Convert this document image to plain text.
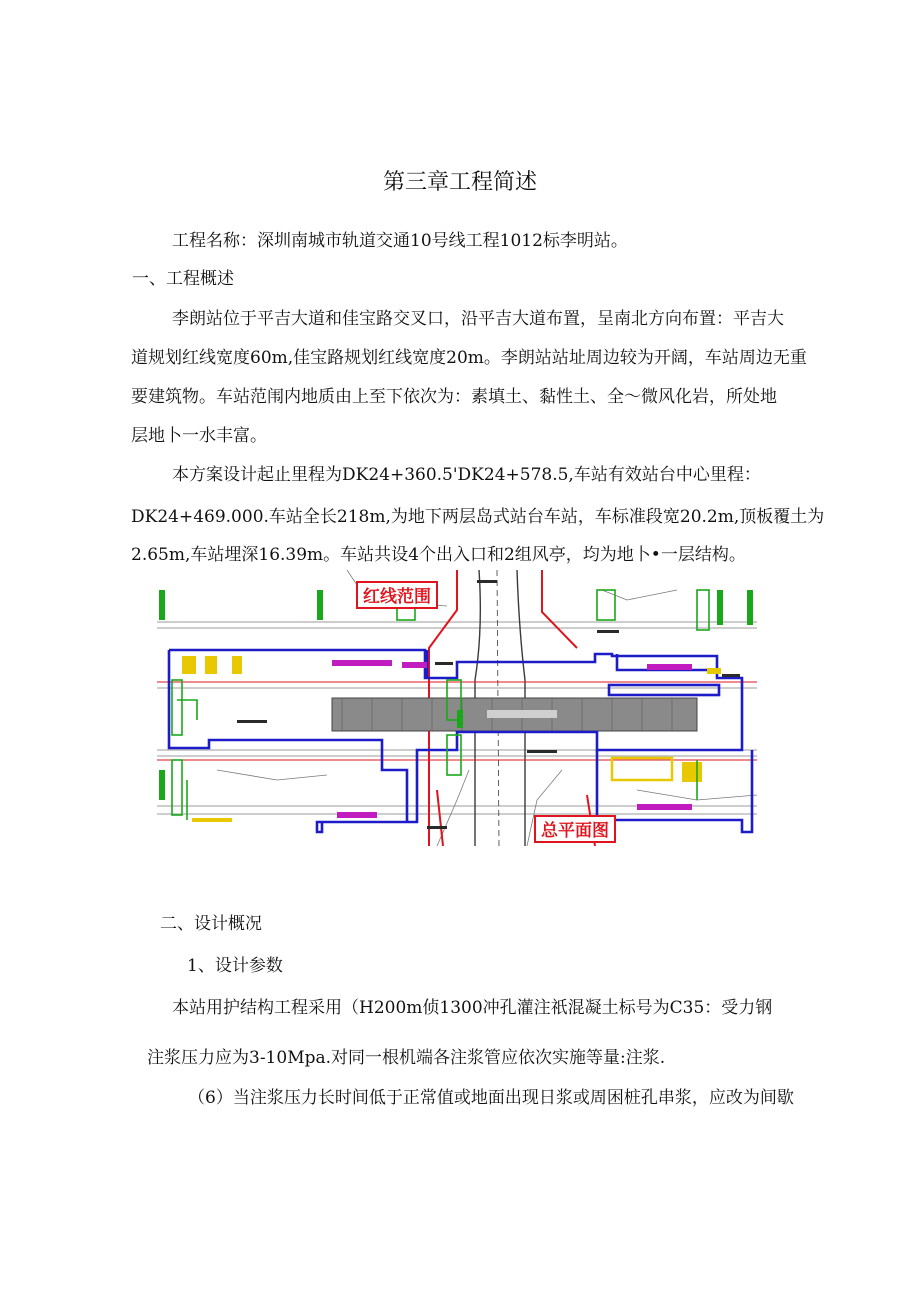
第三章工程简述
工程名称：深圳南城市轨道交通10号线工程1012标李明站。
一、工程概述
李朗站位于平吉大道和佳宝路交叉口，沿平吉大道布置，呈南北方向布置：平吉大
道规划红线宽度60m,佳宝路规划红线宽度20m。李朗站站址周边较为开阔，车站周边无重
要建筑物。车站范闱内地质由上至下依次为：素填土、黏性土、全～微风化岩，所处地
层地卜一水丰富。
本方案设计起止里程为DK24+360.5'DK24+578.5,车站有效站台中心里程：
DK24+469.000.车站全长218m,为地下两层岛式站台车站，车标准段宽20.2m,顶板覆土为
2.65m,车站埋深16.39m。车站共设4个出入口和2组风亭，均为地卜•一层结构。
红线范围
总平面图
二、设计概况
1、设计参数
本站用护结构工程采用（H200m侦1300冲孔灌注祇混凝土标号为C35：受力钢
注浆压力应为3-10Mpa.对同一根机端各注浆管应依次实施等量:注浆.
（6）当注浆压力长时间低于正常值或地面出现日浆或周困桩孔串浆，应改为间歇
